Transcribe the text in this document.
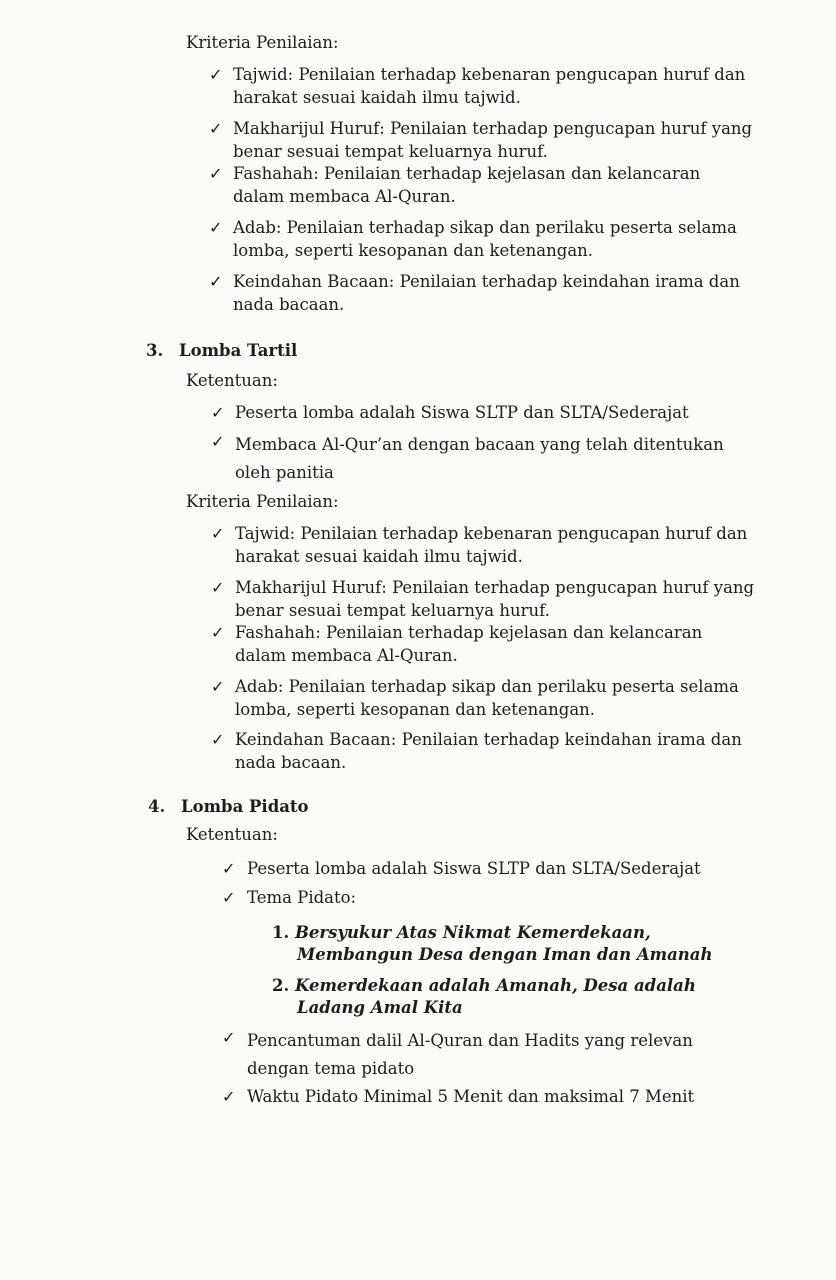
Kriteria Penilaian:
✓ Tajwid: Penilaian terhadap kebenaran pengucapan huruf dan
harakat sesuai kaidah ilmu tajwid.
✓ Makharijul Huruf: Penilaian terhadap pengucapan huruf yang
benar sesuai tempat keluarnya huruf.
✓ Fashahah: Penilaian terhadap kejelasan dan kelancaran
dalam membaca Al-Quran.
✓ Adab: Penilaian terhadap sikap dan perilaku peserta selama
lomba, seperti kesopanan dan ketenangan.
✓ Keindahan Bacaan: Penilaian terhadap keindahan irama dan
nada bacaan.
3. Lomba Tartil
Ketentuan:
✓ Peserta lomba adalah Siswa SLTP dan SLTA/Sederajat
✓ Membaca Al-Qur’an dengan bacaan yang telah ditentukan
oleh panitia
Kriteria Penilaian:
✓ Tajwid: Penilaian terhadap kebenaran pengucapan huruf dan
harakat sesuai kaidah ilmu tajwid.
✓ Makharijul Huruf: Penilaian terhadap pengucapan huruf yang
benar sesuai tempat keluarnya huruf.
✓ Fashahah: Penilaian terhadap kejelasan dan kelancaran
dalam membaca Al-Quran.
✓ Adab: Penilaian terhadap sikap dan perilaku peserta selama
lomba, seperti kesopanan dan ketenangan.
✓ Keindahan Bacaan: Penilaian terhadap keindahan irama dan
nada bacaan.
4. Lomba Pidato
Ketentuan:
✓ Peserta lomba adalah Siswa SLTP dan SLTA/Sederajat
✓ Tema Pidato:
1. Bersyukur Atas Nikmat Kemerdekaan,
Membangun Desa dengan Iman dan Amanah
2. Kemerdekaan adalah Amanah, Desa adalah
Ladang Amal Kita
✓ Pencantuman dalil Al-Quran dan Hadits yang relevan
dengan tema pidato
✓ Waktu Pidato Minimal 5 Menit dan maksimal 7 Menit
